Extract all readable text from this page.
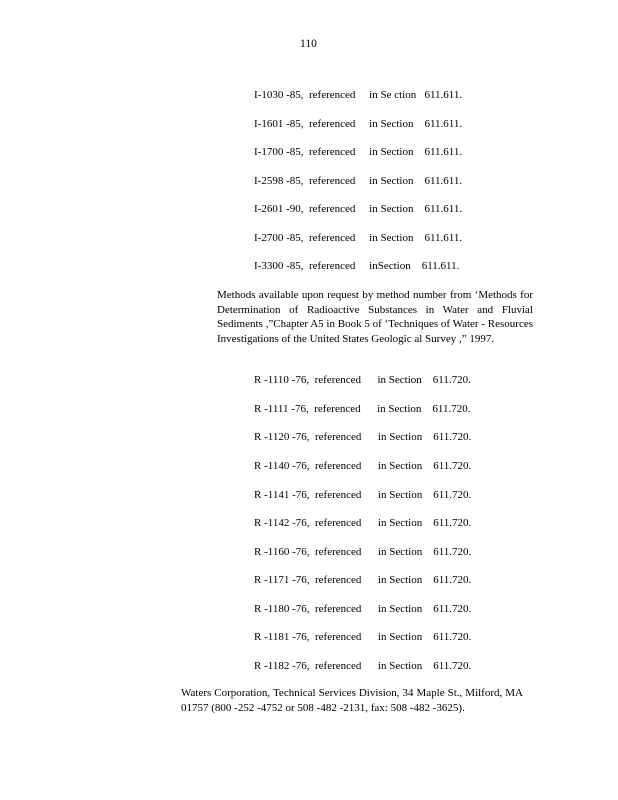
110
I-1030 -85,  referenced     in Se ction   611.611.
I-1601 -85,  referenced     in Section    611.611.
I-1700 -85,  referenced     in Section    611.611.
I-2598 -85,  referenced     in Section    611.611.
I-2601 -90,  referenced     in Section    611.611.
I-2700 -85,  referenced     in Section    611.611.
I-3300 -85,  referenced     inSection    611.611.
Methods available upon request by method number from ‘Methods for Determination of Radioactive Substances in Water and Fluvial Sediments ,”Chapter A5 in Book 5 of ‘Techniques of Water - Resources Investigations of the United States Geologic al Survey ,” 1997.
R -1110 -76,  referenced      in Section    611.720.
R -1111 -76,  referenced      in Section    611.720.
R -1120 -76,  referenced      in Section    611.720.
R -1140 -76,  referenced      in Section    611.720.
R -1141 -76,  referenced      in Section    611.720.
R -1142 -76,  referenced      in Section    611.720.
R -1160 -76,  referenced      in Section    611.720.
R -1171 -76,  referenced      in Section    611.720.
R -1180 -76,  referenced      in Section    611.720.
R -1181 -76,  referenced      in Section    611.720.
R -1182 -76,  referenced      in Section    611.720.
Waters Corporation, Technical Services Division, 34 Maple St., Milford, MA 01757 (800 -252 -4752 or 508 -482 -2131, fax: 508 -482 -3625).
